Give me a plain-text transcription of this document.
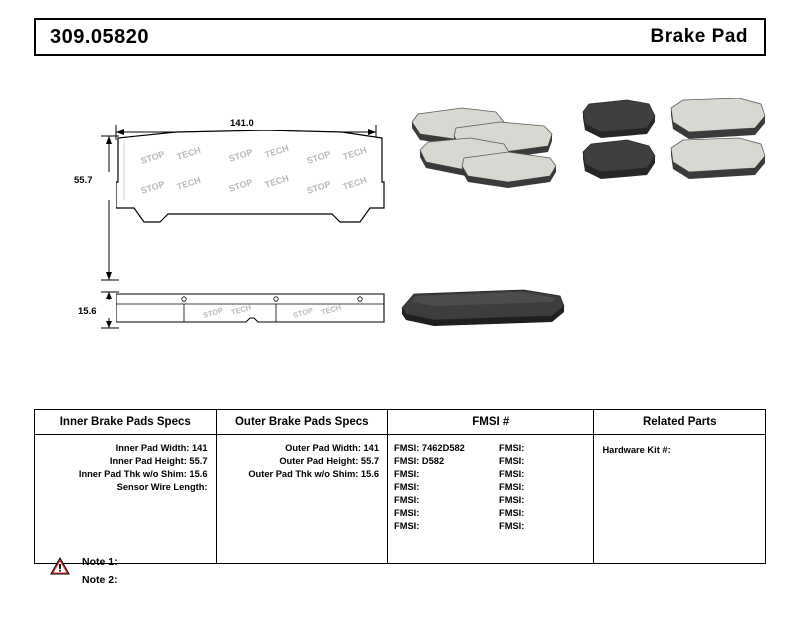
309.05820	Brake Pad
141.0
55.7
15.6
STOP TECH	STOP TECH STOP TECH
STOP TECH	STOP TECH STOP TECH
STOP TECH	STOP TECH
Inner Brake Pads Specs	Outer Brake Pads Specs	FMSI #	Related Parts
Inner Pad Width: 141
Inner Pad Height: 55.7
Inner Pad Thk w/o Shim: 15.6
Sensor Wire Length:
Outer Pad Width: 141
Outer Pad Height: 55.7
Outer Pad Thk w/o Shim: 15.6
FMSI: 7462D582	FMSI:
FMSI: D582	FMSI:
FMSI:	FMSI:
FMSI:	FMSI:
FMSI:	FMSI:
FMSI:	FMSI:
FMSI:	FMSI:
Hardware Kit #:
Note 1:
Note 2:
